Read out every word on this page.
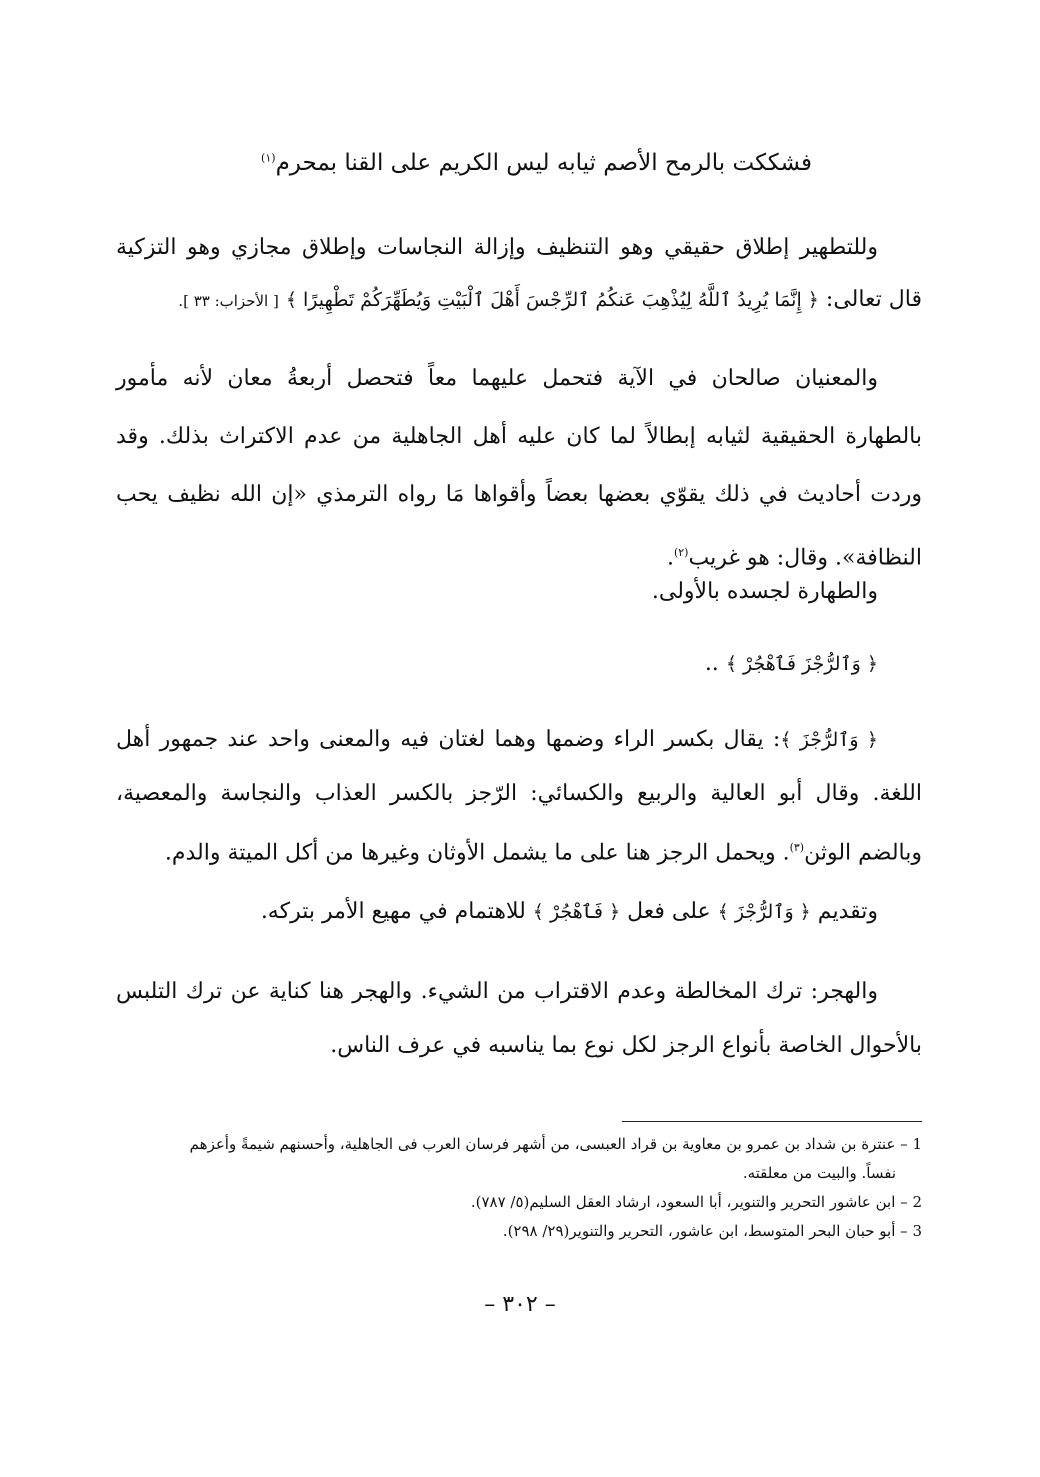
فشككت بالرمح الأصم ثيابه ليس الكريم على القنا بمحرم$^{(١)}$

وللتطهير إطلاق حقيقي وهو التنظيف وإزالة النجاسات وإطلاق مجازي وهو التزكية قال تعالى: ﴿ إِنَّمَا يُرِيدُ ٱللَّهُ لِيُذْهِبَ عَنكُمُ ٱلرِّجْسَ أَهْلَ ٱلْبَيْتِ وَيُطَهِّرَكُمْ تَطْهِيرًا ﴾ [ الأحزاب: ٣٣ ].

والمعنيان صالحان في الآية فتحمل عليهما معاً فتحصل أربعةُ معان لأنه مأمور بالطهارة الحقيقية لثيابه إبطالاً لما كان عليه أهل الجاهلية من عدم الاكتراث بذلك. وقد وردت أحاديث في ذلك يقوّي بعضها بعضاً وأقواها مَا رواه الترمذي «إن الله نظيف يحب النظافة». وقال: هو غريب$^{(٢)}$.

والطهارة لجسده بالأولى.

﴿ وَٱلرُّجْزَ فَٱهْجُرْ ﴾ ..

﴿ وَٱلرُّجْزَ ﴾: يقال بكسر الراء وضمها وهما لغتان فيه والمعنى واحد عند جمهور أهل اللغة. وقال أبو العالية والربيع والكسائي: الرّجز بالكسر العذاب والنجاسة والمعصية، وبالضم الوثن$^{(٣)}$. ويحمل الرجز هنا على ما يشمل الأوثان وغيرها من أكل الميتة والدم.

وتقديم ﴿ وَٱلرُّجْزَ ﴾ على فعل ﴿ فَٱهْجُرْ ﴾ للاهتمام في مهيع الأمر بتركه.

والهجر: ترك المخالطة وعدم الاقتراب من الشيء. والهجر هنا كناية عن ترك التلبس بالأحوال الخاصة بأنواع الرجز لكل نوع بما يناسبه في عرف الناس.

1 – عنترة بن شداد بن عمرو بن معاوية بن قراد العبسى، من أشهر فرسان العرب فى الجاهلية، وأحسنهم شيمةً وأعزهم

نفساً. والبيت من معلقته.

2 – ابن عاشور التحرير والتنوير، أبا السعود، ارشاد العقل السليم(٥/ ٧٨٧).

3 – أبو حبان البحر المتوسط، ابن عاشور، التحرير والتنوير(٢٩/ ٢٩٨).

– ٣٠٢ –
